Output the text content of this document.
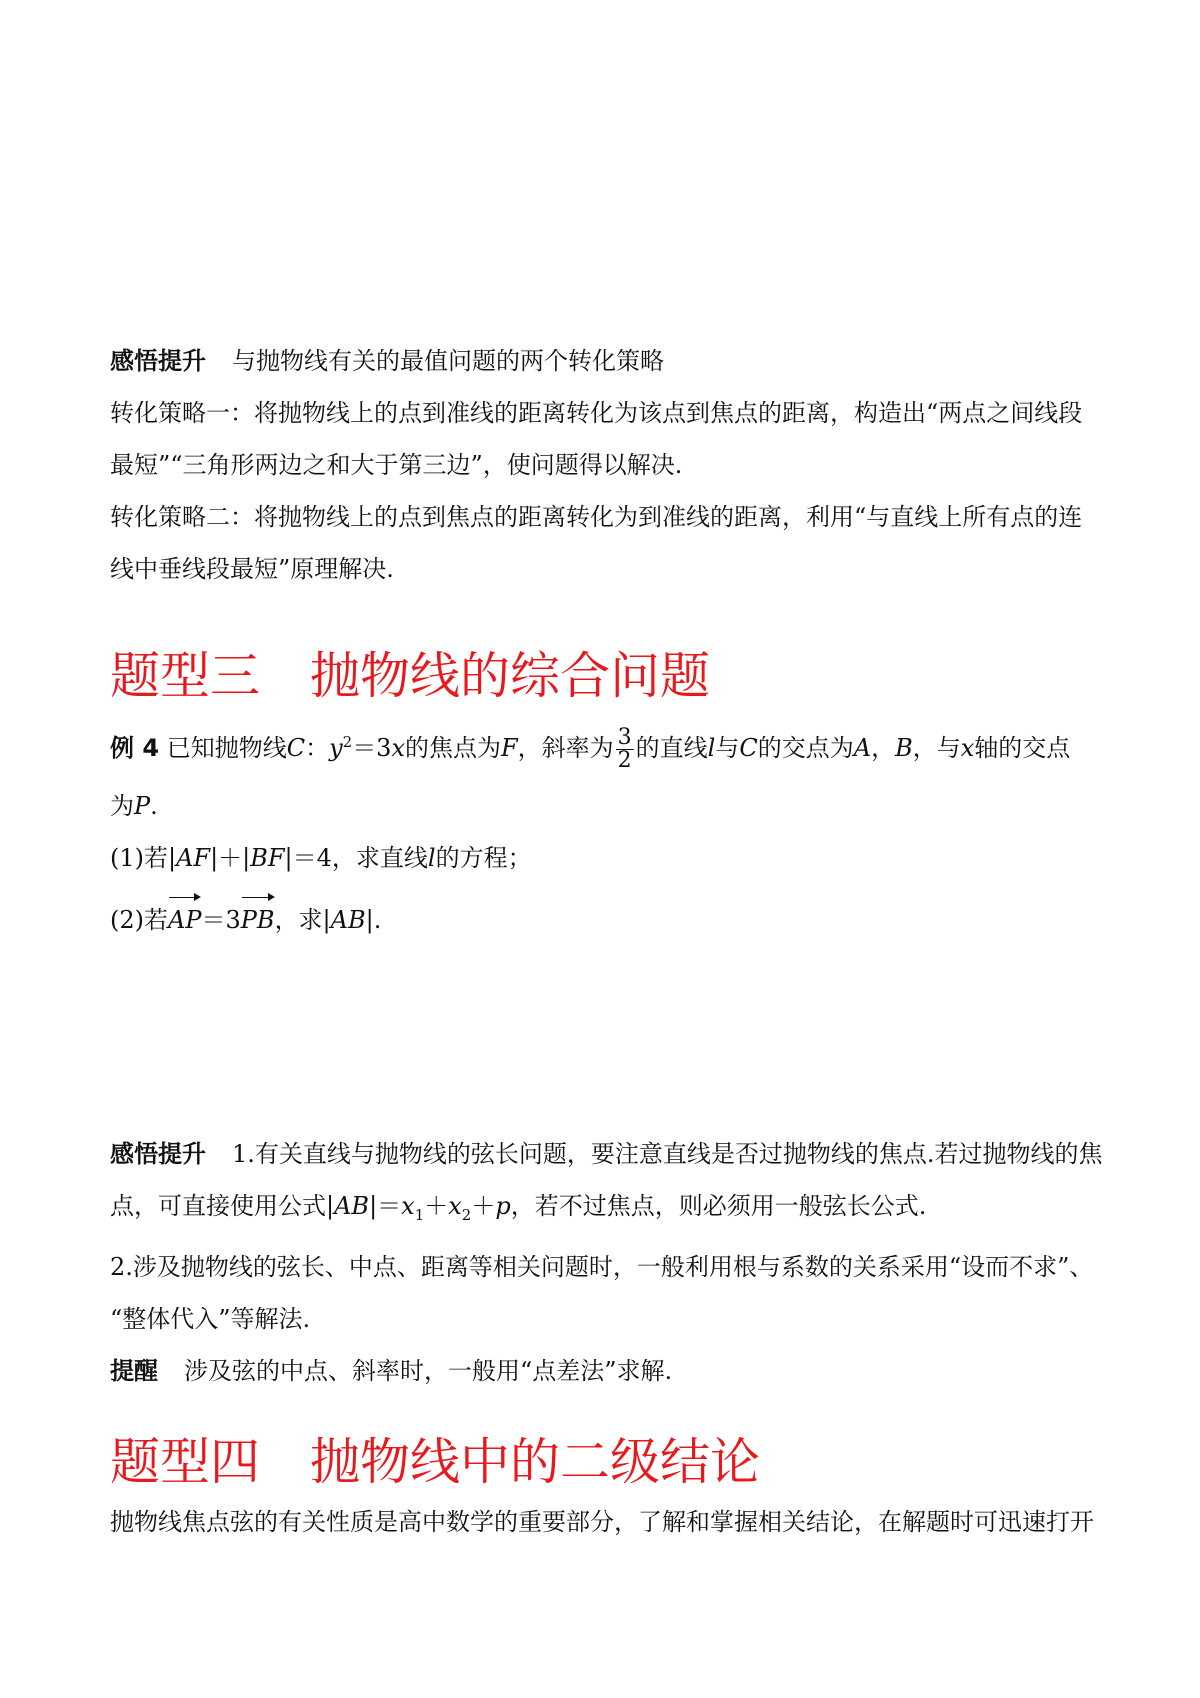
感悟提升 与抛物线有关的最值问题的两个转化策略

转化策略一：将抛物线上的点到准线的距离转化为该点到焦点的距离，构造出“两点之间线段

最短”“三角形两边之和大于第三边”，使问题得以解决.

转化策略二：将抛物线上的点到焦点的距离转化为到准线的距离，利用“与直线上所有点的连

线中垂线段最短”原理解决.

题型三　抛物线的综合问题

例 4 已知抛物线C：$y^2=3x$的焦点为F，斜率为 $\frac{3}{2}$ 的直线l与C的交点为A，B，与x轴的交点

为P.

(1)若|AF|＋|BF|＝4，求直线l的方程；

(2)若AP＝3PB，求|AB|.

感悟提升 1.有关直线与抛物线的弦长问题，要注意直线是否过抛物线的焦点.若过抛物线的焦

点，可直接使用公式$|AB|=x_1+x_2+p$，若不过焦点，则必须用一般弦长公式.

2.涉及抛物线的弦长、中点、距离等相关问题时，一般利用根与系数的关系采用“设而不求”、

“整体代入”等解法.

提醒 涉及弦的中点、斜率时，一般用“点差法”求解.

题型四　抛物线中的二级结论

抛物线焦点弦的有关性质是高中数学的重要部分，了解和掌握相关结论，在解题时可迅速打开
